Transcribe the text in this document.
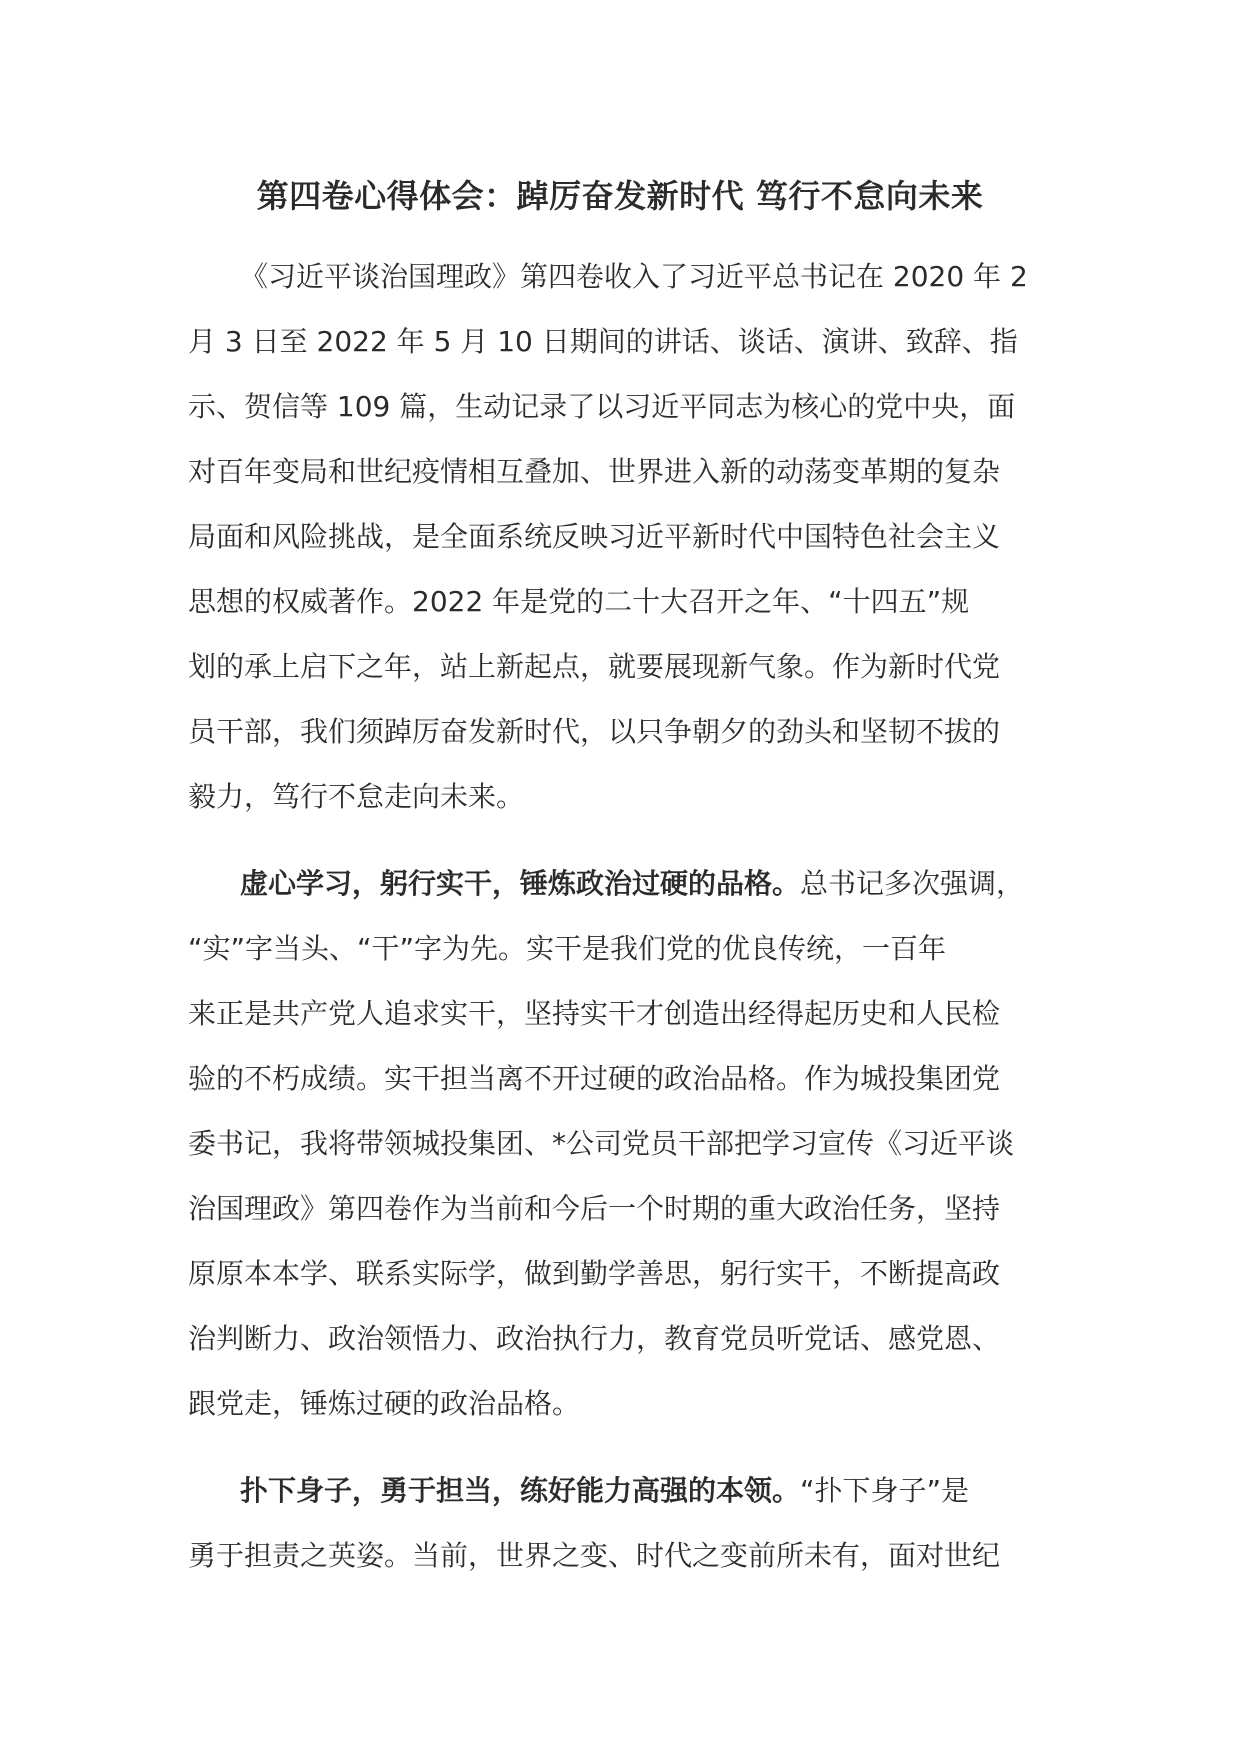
第四卷心得体会：踔厉奋发新时代 笃行不怠向未来
《习近平谈治国理政》第四卷收入了习近平总书记在 2020 年 2
月 3 日至 2022 年 5 月 10 日期间的讲话、谈话、演讲、致辞、指
示、贺信等 109 篇，生动记录了以习近平同志为核心的党中央，面
对百年变局和世纪疫情相互叠加、世界进入新的动荡变革期的复杂
局面和风险挑战，是全面系统反映习近平新时代中国特色社会主义
思想的权威著作。2022 年是党的二十大召开之年、“十四五”规
划的承上启下之年，站上新起点，就要展现新气象。作为新时代党
员干部，我们须踔厉奋发新时代，以只争朝夕的劲头和坚韧不拔的
毅力，笃行不怠走向未来。
虚心学习，躬行实干，锤炼政治过硬的品格。总书记多次强调，
“实”字当头、“干”字为先。实干是我们党的优良传统，一百年
来正是共产党人追求实干，坚持实干才创造出经得起历史和人民检
验的不朽成绩。实干担当离不开过硬的政治品格。作为城投集团党
委书记，我将带领城投集团、*公司党员干部把学习宣传《习近平谈
治国理政》第四卷作为当前和今后一个时期的重大政治任务，坚持
原原本本学、联系实际学，做到勤学善思，躬行实干，不断提高政
治判断力、政治领悟力、政治执行力，教育党员听党话、感党恩、
跟党走，锤炼过硬的政治品格。
扑下身子，勇于担当，练好能力高强的本领。“扑下身子”是
勇于担责之英姿。当前，世界之变、时代之变前所未有，面对世纪
